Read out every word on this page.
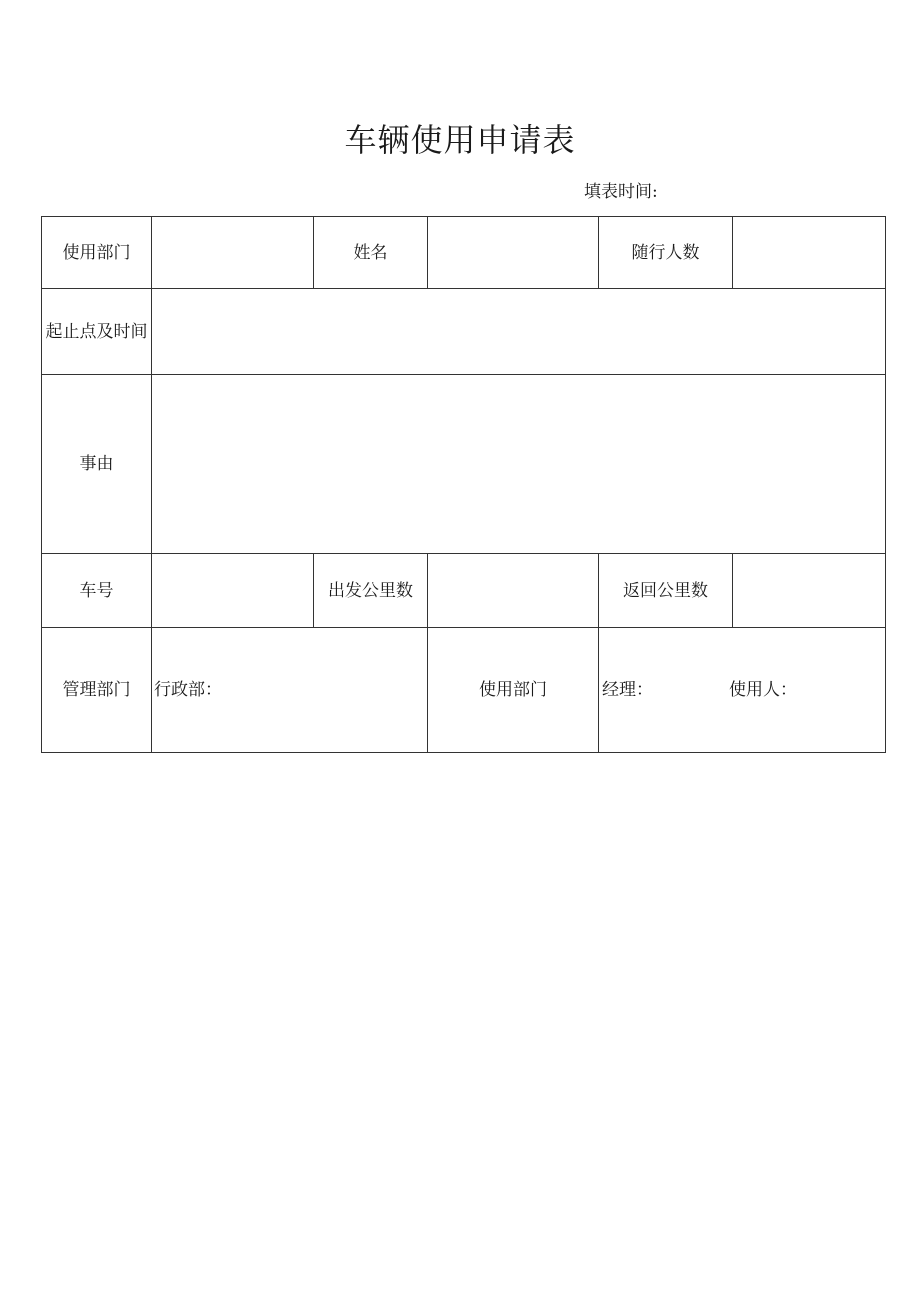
车辆使用申请表
填表时间:
使用部门		姓名		随行人数	
起止点及时间					
事由					
车号		出发公里数		返回公里数	
管理部门	行政部：		使用部门	经理： 使用人：	
